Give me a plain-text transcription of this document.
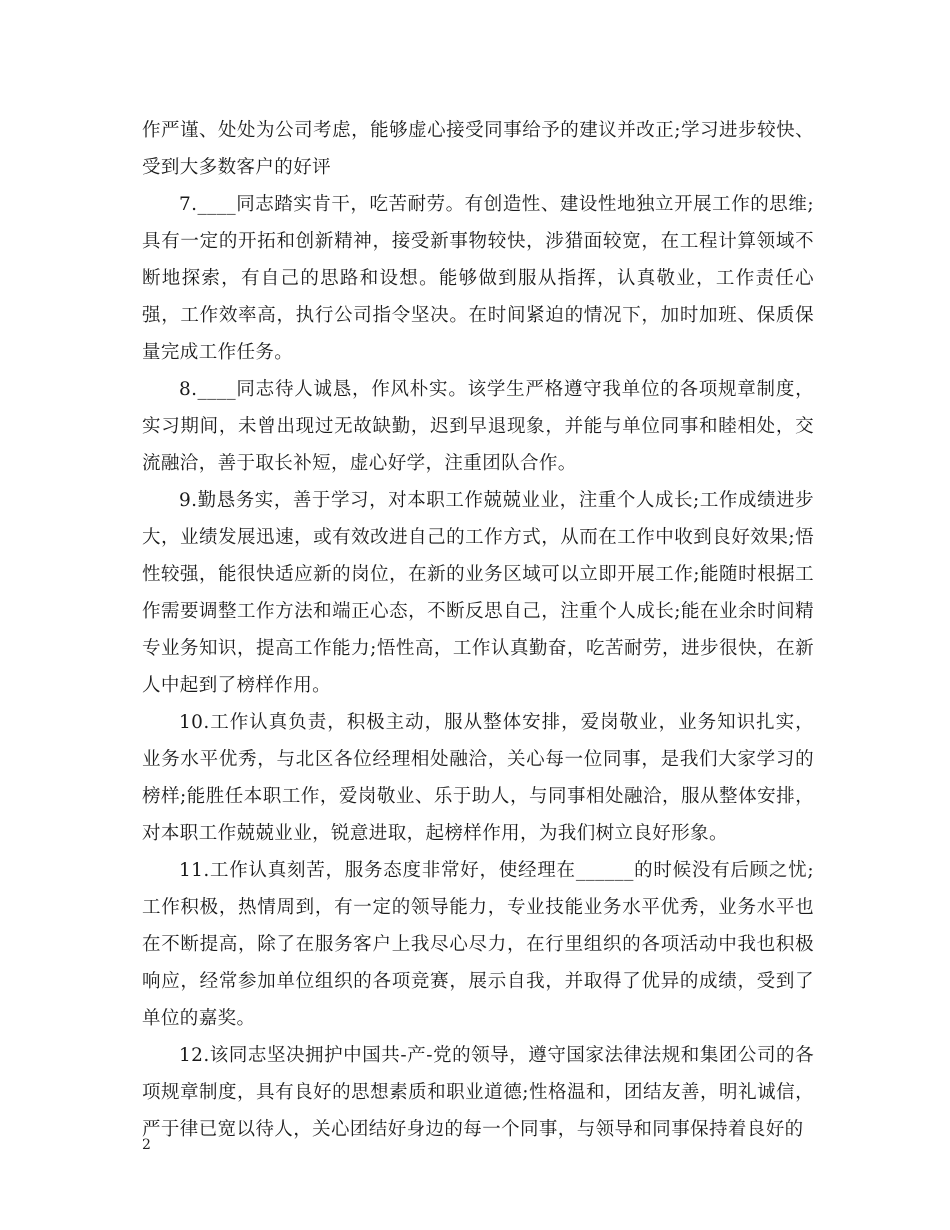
作严谨、处处为公司考虑，能够虚心接受同事给予的建议并改正;学习进步较快、受到大多数客户的好评

7.____同志踏实肯干，吃苦耐劳。有创造性、建设性地独立开展工作的思维;具有一定的开拓和创新精神，接受新事物较快，涉猎面较宽，在工程计算领域不断地探索，有自己的思路和设想。能够做到服从指挥，认真敬业，工作责任心强，工作效率高，执行公司指令坚决。在时间紧迫的情况下，加时加班、保质保量完成工作任务。

8.____同志待人诚恳，作风朴实。该学生严格遵守我单位的各项规章制度，实习期间，未曾出现过无故缺勤，迟到早退现象，并能与单位同事和睦相处，交流融洽，善于取长补短，虚心好学，注重团队合作。

9.勤恳务实，善于学习，对本职工作兢兢业业，注重个人成长;工作成绩进步大，业绩发展迅速，或有效改进自己的工作方式，从而在工作中收到良好效果;悟性较强，能很快适应新的岗位，在新的业务区域可以立即开展工作;能随时根据工作需要调整工作方法和端正心态，不断反思自己，注重个人成长;能在业余时间精专业务知识，提高工作能力;悟性高，工作认真勤奋，吃苦耐劳，进步很快，在新人中起到了榜样作用。

10.工作认真负责，积极主动，服从整体安排，爱岗敬业，业务知识扎实，业务水平优秀，与北区各位经理相处融洽，关心每一位同事，是我们大家学习的榜样;能胜任本职工作，爱岗敬业、乐于助人，与同事相处融洽，服从整体安排，对本职工作兢兢业业，锐意进取，起榜样作用，为我们树立良好形象。

11.工作认真刻苦，服务态度非常好，使经理在______的时候没有后顾之忧;工作积极，热情周到，有一定的领导能力，专业技能业务水平优秀，业务水平也在不断提高，除了在服务客户上我尽心尽力，在行里组织的各项活动中我也积极响应，经常参加单位组织的各项竞赛，展示自我，并取得了优异的成绩，受到了单位的嘉奖。

12.该同志坚决拥护中国共-产-党的领导，遵守国家法律法规和集团公司的各项规章制度，具有良好的思想素质和职业道德;性格温和，团结友善，明礼诚信，严于律已宽以待人，关心团结好身边的每一个同事，与领导和同事保持着良好的

2
